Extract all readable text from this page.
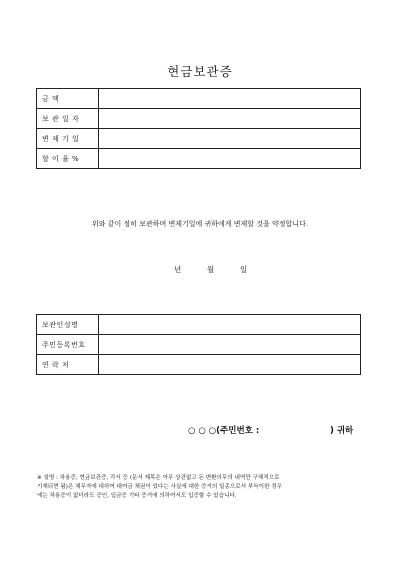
현금보관증
금 액	
보 관 일 자	
변 제 기 일	
할 이 율 %	
위와 같이 정히 보관하며 변제기일에 귀하에게 변제할 것을 약정합니다.
년	월	일
보관인성명	
주민등록번호	
연 락 처	
○ ○ ○(주민번호 :	) 귀하
※ 설명 : 차용증, 현금보관증, 각서 등 (문서 제목은 아무 상관없고 돈 변환의무의 내역만 구체적으로
기재되면 됨)은 채무자에 대하여 대여금 채권이 있다는 사실에 대한 증거의 일종으로서 부득이한 경우
에는 차용증이 없더라도 증인, 입금증 기타 증거에 의하여서도 입증할 수 있습니다.
